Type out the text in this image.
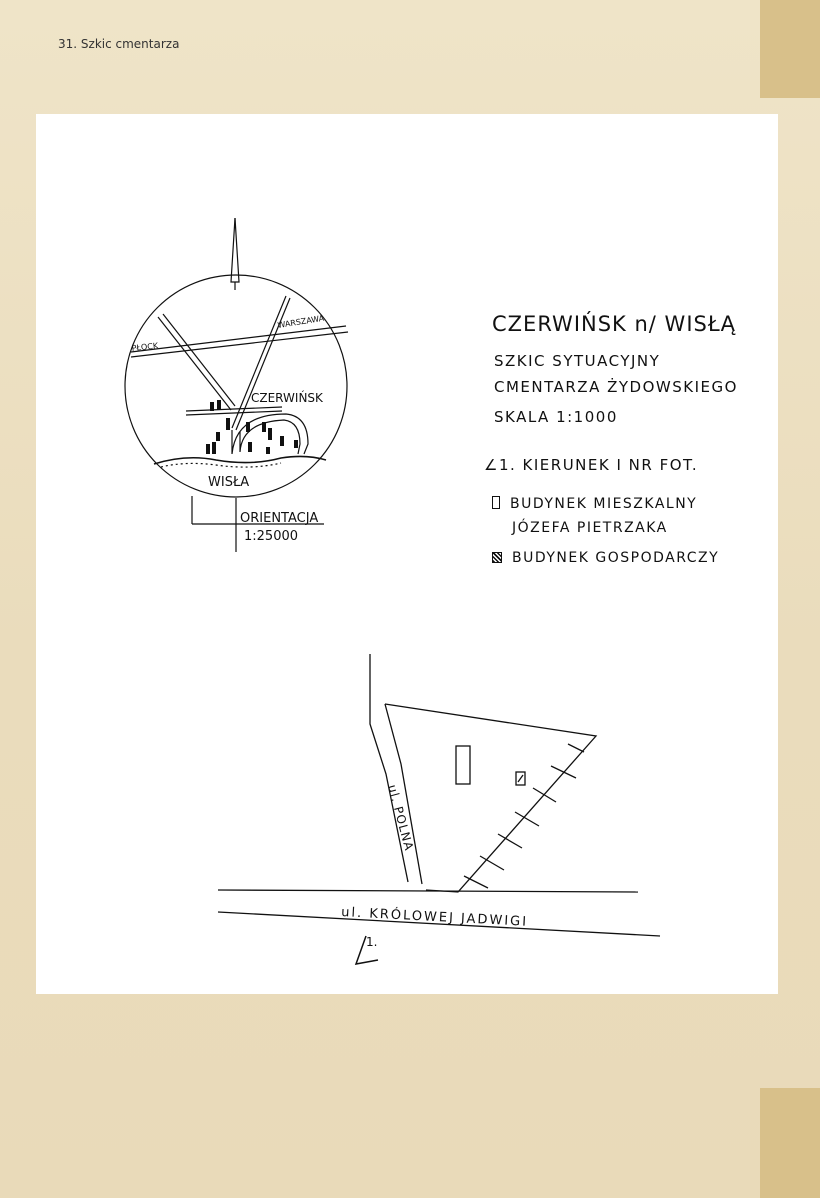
31. Szkic cmentarza
PŁOCK
WARSZAWA
CZERWIŃSK
WISŁA
ORIENTACJA
1:25000
ul. POLNA
ul. KRÓLOWEJ JADWIGI
1.
CZERWIŃSK n/ WISŁĄ
SZKIC SYTUACYJNY
CMENTARZA ŻYDOWSKIEGO
SKALA 1:1000
∠1. KIERUNEK I NR FOT.
BUDYNEK MIESZKALNY
JÓZEFA PIETRZAKA
BUDYNEK GOSPODARCZY
